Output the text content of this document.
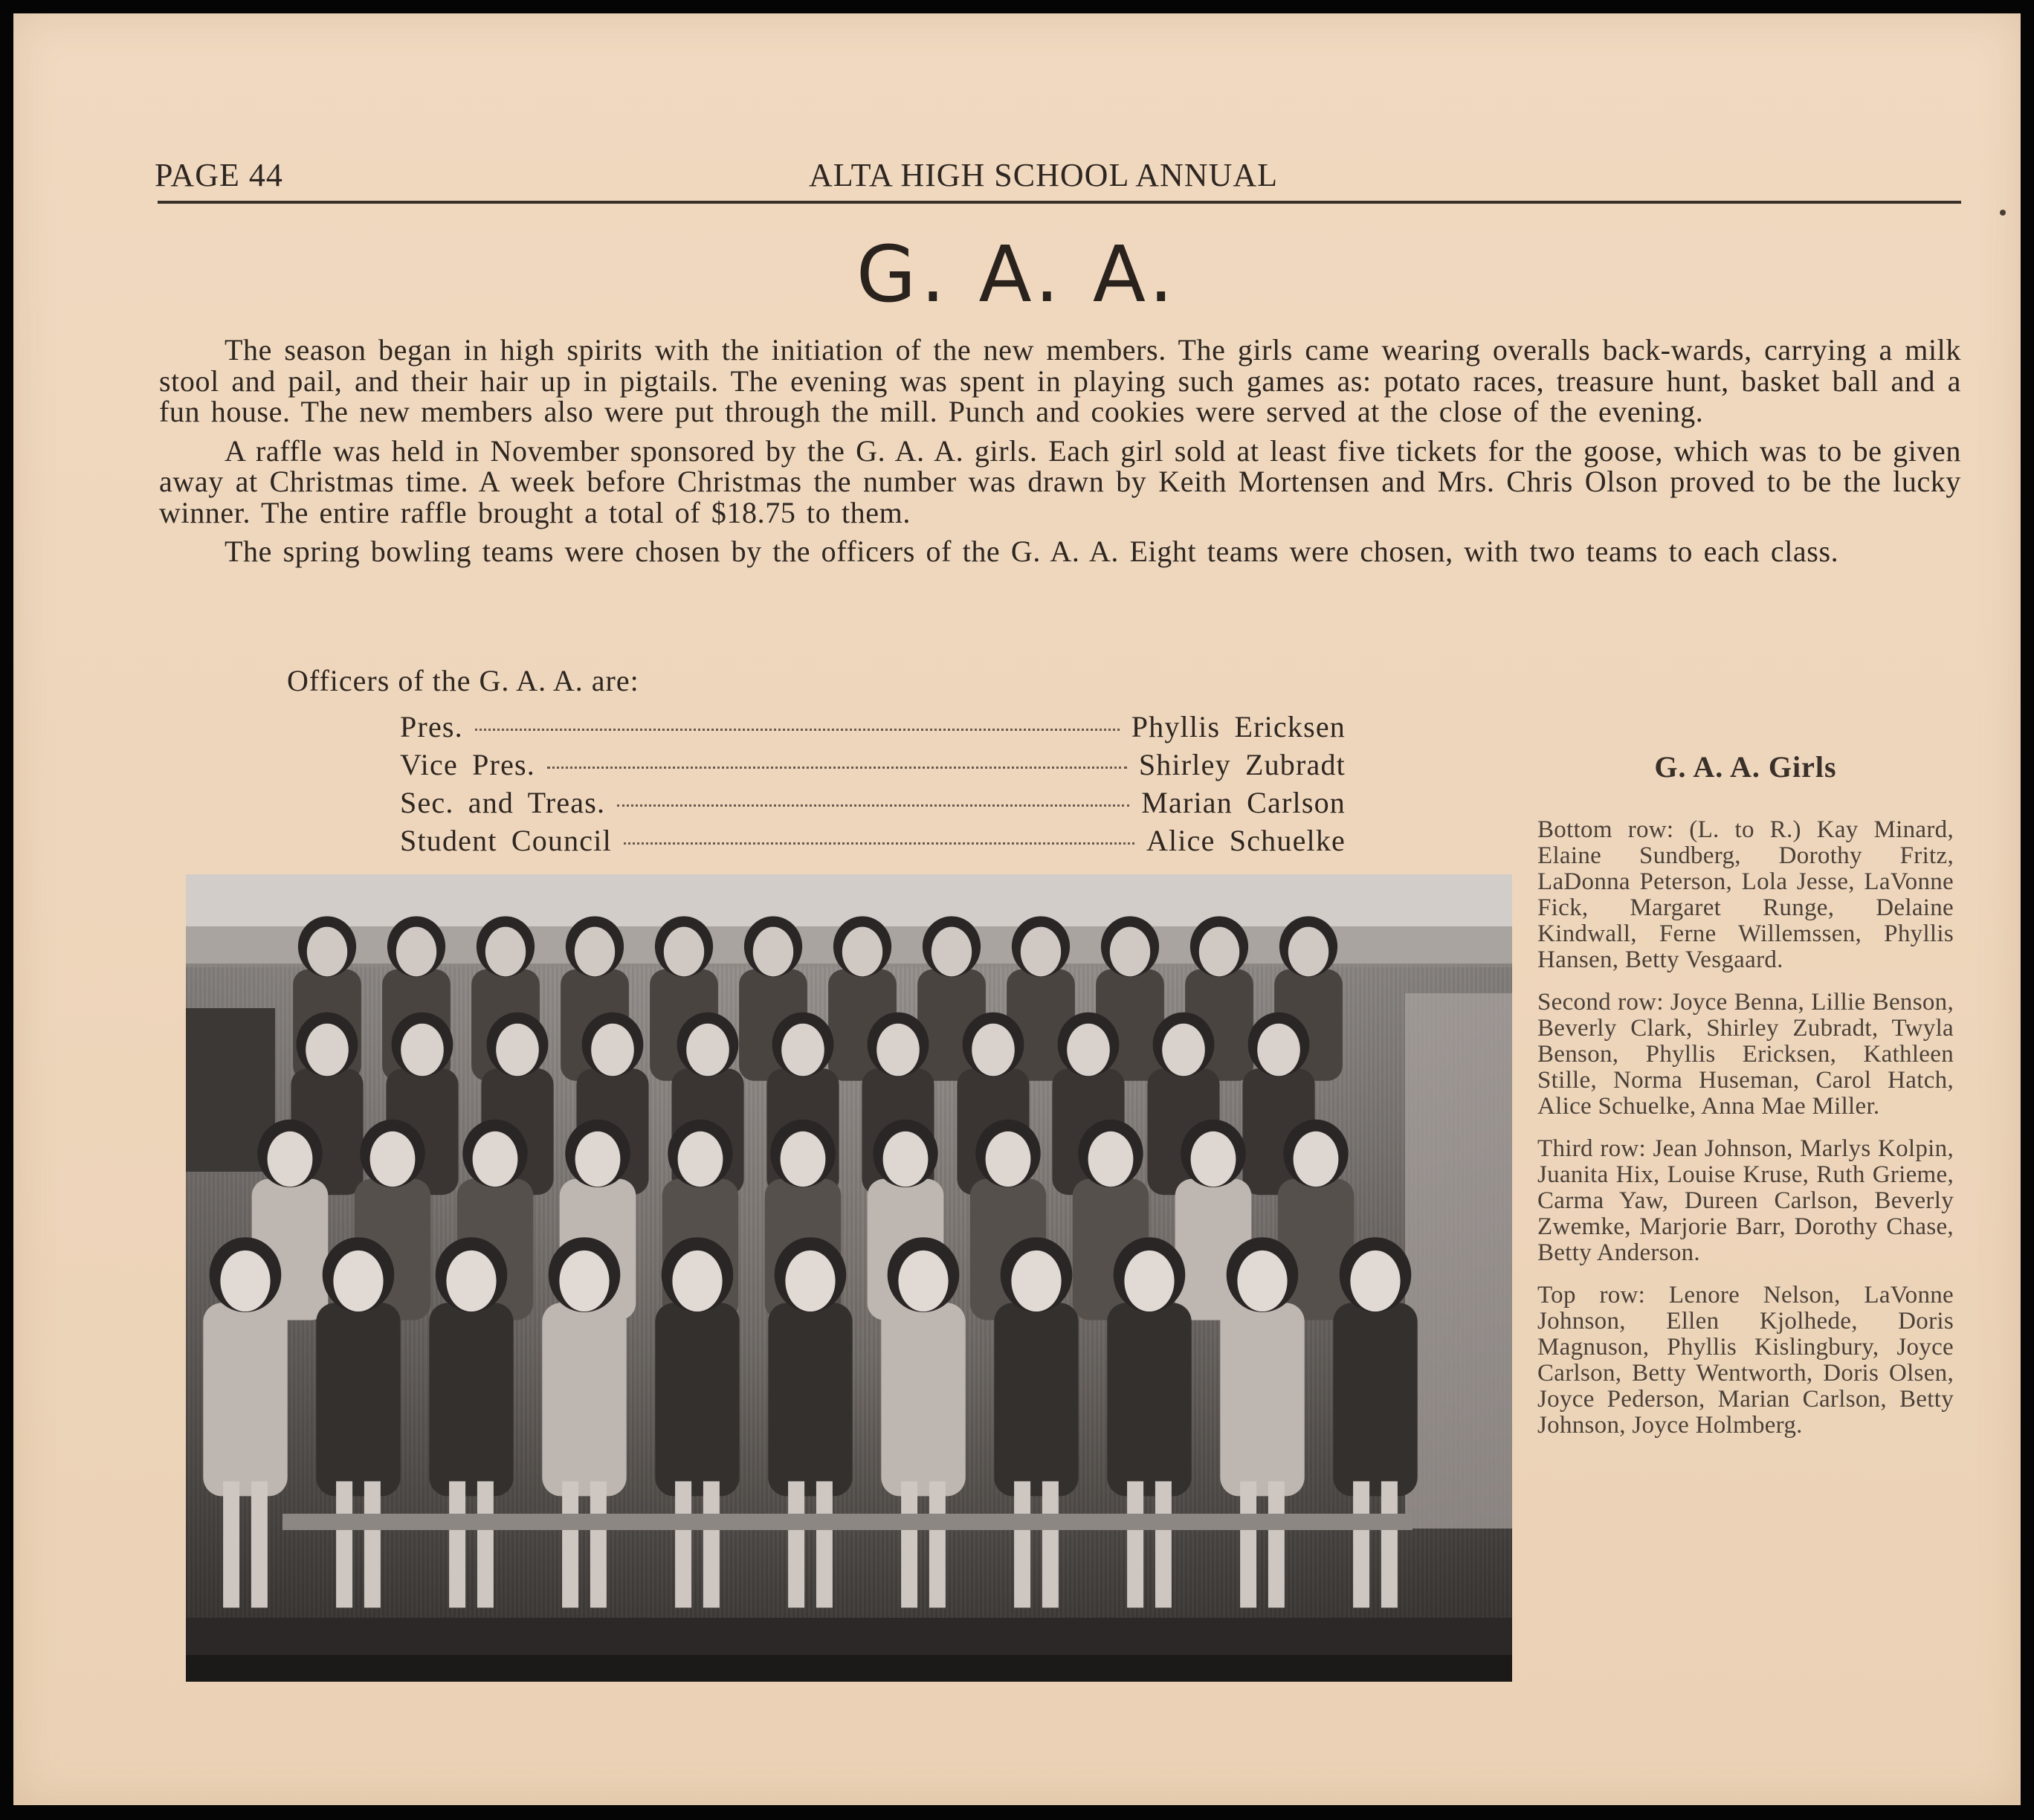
PAGE 44	ALTA HIGH SCHOOL ANNUAL
G. A. A.

The season began in high spirits with the initiation of the new members. The girls came wearing overalls back-wards, carrying a milk stool and pail, and their hair up in pigtails. The evening was spent in playing such games as: potato races, treasure hunt, basket ball and a fun house. The new members also were put through the mill. Punch and cookies were served at the close of the evening.

A raffle was held in November sponsored by the G. A. A. girls. Each girl sold at least five tickets for the goose, which was to be given away at Christmas time. A week before Christmas the number was drawn by Keith Mortensen and Mrs. Chris Olson proved to be the lucky winner. The entire raffle brought a total of $18.75 to them.

The spring bowling teams were chosen by the officers of the G. A. A. Eight teams were chosen, with two teams to each class.

Officers of the G. A. A. are:
Pres.	Phyllis Ericksen
Vice Pres.	Shirley Zubradt
Sec. and Treas.	Marian Carlson
Student Council	Alice Schuelke
G. A. A. Girls

Bottom row: (L. to R.) Kay Minard, Elaine Sundberg, Dorothy Fritz, LaDonna Peterson, Lola Jesse, LaVonne Fick, Margaret Runge, Delaine Kindwall, Ferne Willemssen, Phyllis Hansen, Betty Vesgaard.

Second row: Joyce Benna, Lillie Benson, Beverly Clark, Shirley Zubradt, Twyla Benson, Phyllis Ericksen, Kathleen Stille, Norma Huseman, Carol Hatch, Alice Schuelke, Anna Mae Miller.

Third row: Jean Johnson, Marlys Kolpin, Juanita Hix, Louise Kruse, Ruth Grieme, Carma Yaw, Dureen Carlson, Beverly Zwemke, Marjorie Barr, Dorothy Chase, Betty Anderson.

Top row: Lenore Nelson, LaVonne Johnson, Ellen Kjolhede, Doris Magnuson, Phyllis Kislingbury, Joyce Carlson, Betty Wentworth, Doris Olsen, Joyce Pederson, Marian Carlson, Betty Johnson, Joyce Holmberg.
